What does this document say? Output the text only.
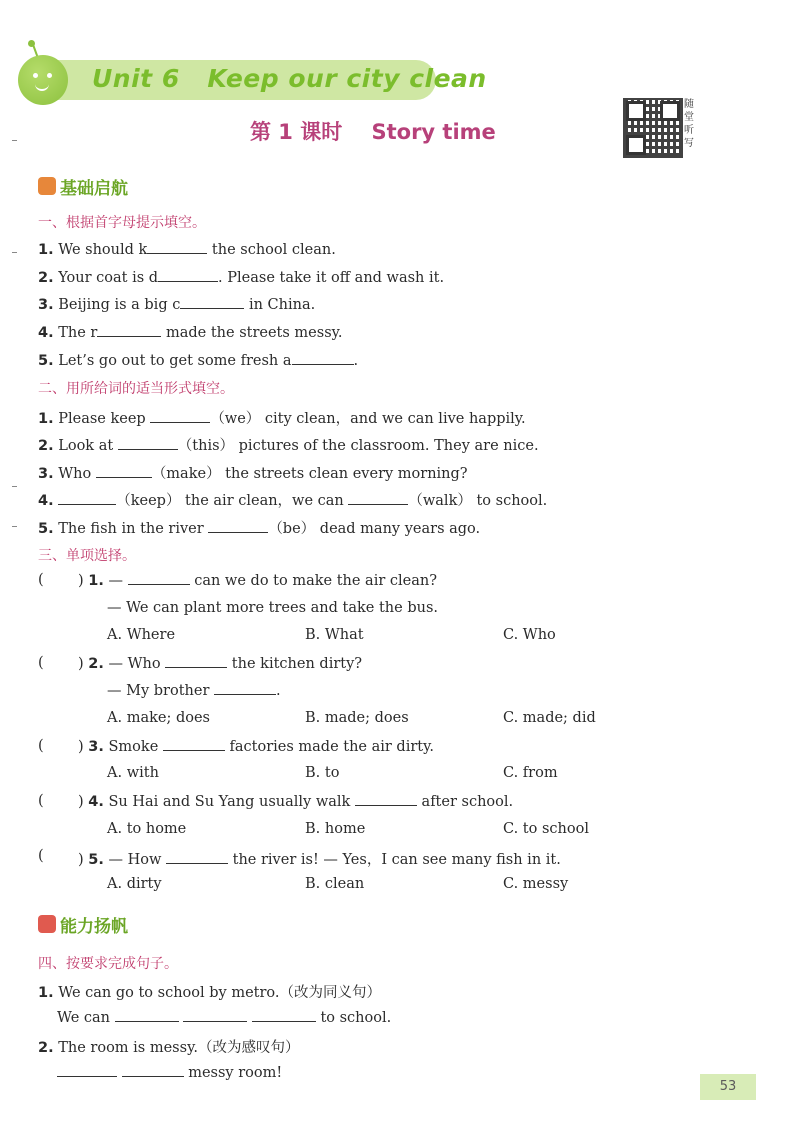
Unit 6   Keep our city clean
第 1 课时    Story time
随堂听写
基础启航
一、根据首字母提示填空。
1. We should k	the school clean.
2. Your coat is d	. Please take it off and wash it.
3. Beijing is a big c	in China.
4. The r	made the streets messy.
5. Let’s go out to get some fresh a	.
二、用所给词的适当形式填空。
1. Please keep	（we） city clean，and we can live happily.
2. Look at	（this） pictures of the classroom. They are nice.
3. Who	（make） the streets clean every morning?
4.	（keep） the air clean，we can	（walk） to school.
5. The fish in the river	（be） dead many years ago.
三、单项选择。
( ) 1. —	can we do to make the air clean?
— We can plant more trees and take the bus.
A. Where	B. What	C. Who
( ) 2. — Who	the kitchen dirty?
— My brother	.
A. make; does	B. made; does	C. made; did
( ) 3. Smoke	factories made the air dirty.
A. with	B. to	C. from
( ) 4. Su Hai and Su Yang usually walk	after school.
A. to home	B. home	C. to school
( ) 5. — How	the river is! — Yes，I can see many fish in it.
A. dirty	B. clean	C. messy
能力扬帆
四、按要求完成句子。
1. We can go to school by metro.（改为同义句）
We can	to school.
2. The room is messy.（改为感叹句）
messy room!
53
